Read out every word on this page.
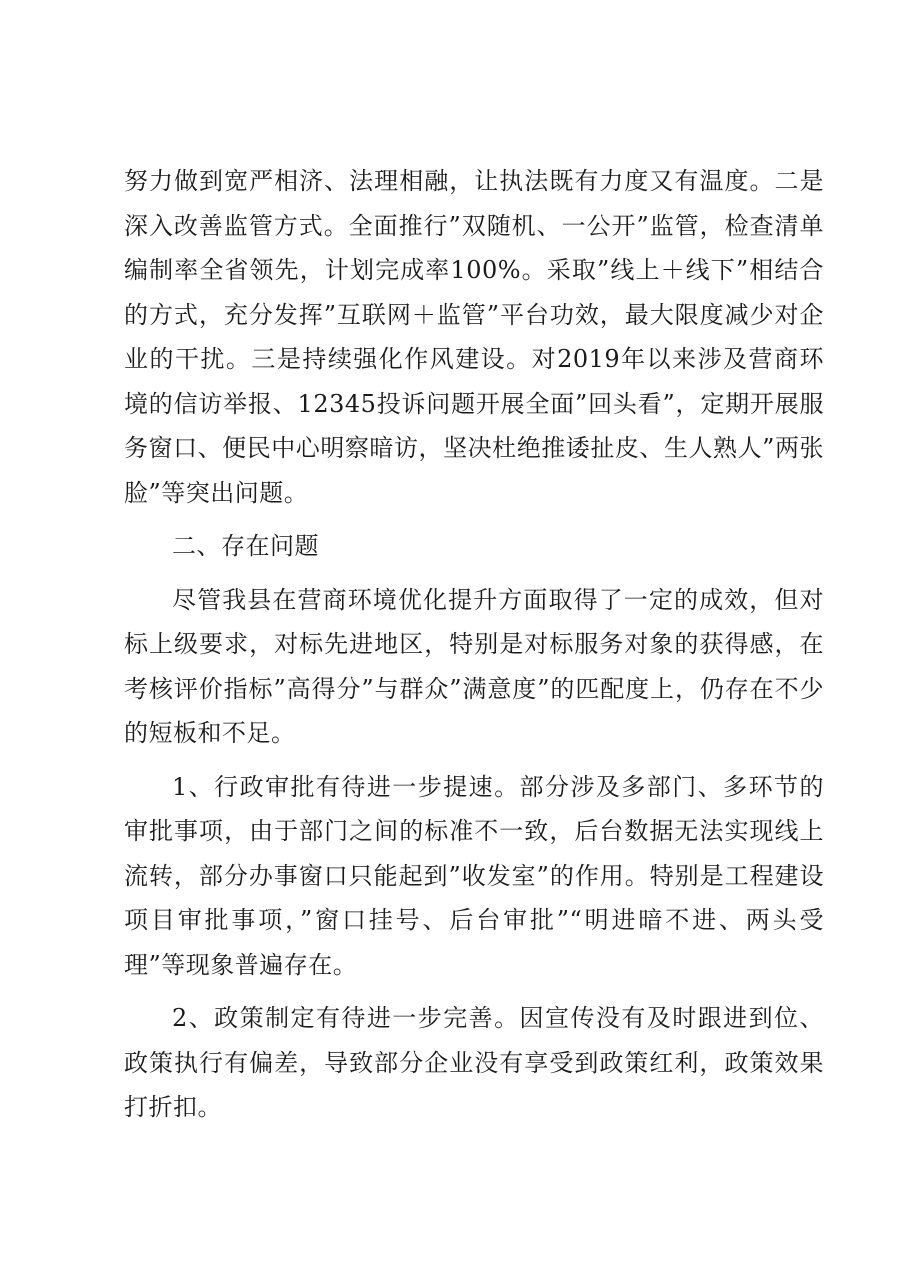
努力做到宽严相济、法理相融，让执法既有力度又有温度。二是深入改善监管方式。全面推行”双随机、一公开”监管，检查清单编制率全省领先，计划完成率100%。采取”线上＋线下”相结合的方式，充分发挥”互联网＋监管”平台功效，最大限度减少对企业的干扰。三是持续强化作风建设。对2019年以来涉及营商环境的信访举报、12345投诉问题开展全面”回头看”，定期开展服务窗口、便民中心明察暗访，坚决杜绝推诿扯皮、生人熟人”两张脸”等突出问题。

二、存在问题

尽管我县在营商环境优化提升方面取得了一定的成效，但对标上级要求，对标先进地区，特别是对标服务对象的获得感，在考核评价指标”高得分”与群众”满意度”的匹配度上，仍存在不少的短板和不足。

1、行政审批有待进一步提速。部分涉及多部门、多环节的审批事项，由于部门之间的标准不一致，后台数据无法实现线上流转，部分办事窗口只能起到”收发室”的作用。特别是工程建设项目审批事项，”窗口挂号、后台审批”“明进暗不进、两头受理”等现象普遍存在。

2、政策制定有待进一步完善。因宣传没有及时跟进到位、政策执行有偏差，导致部分企业没有享受到政策红利，政策效果打折扣。
